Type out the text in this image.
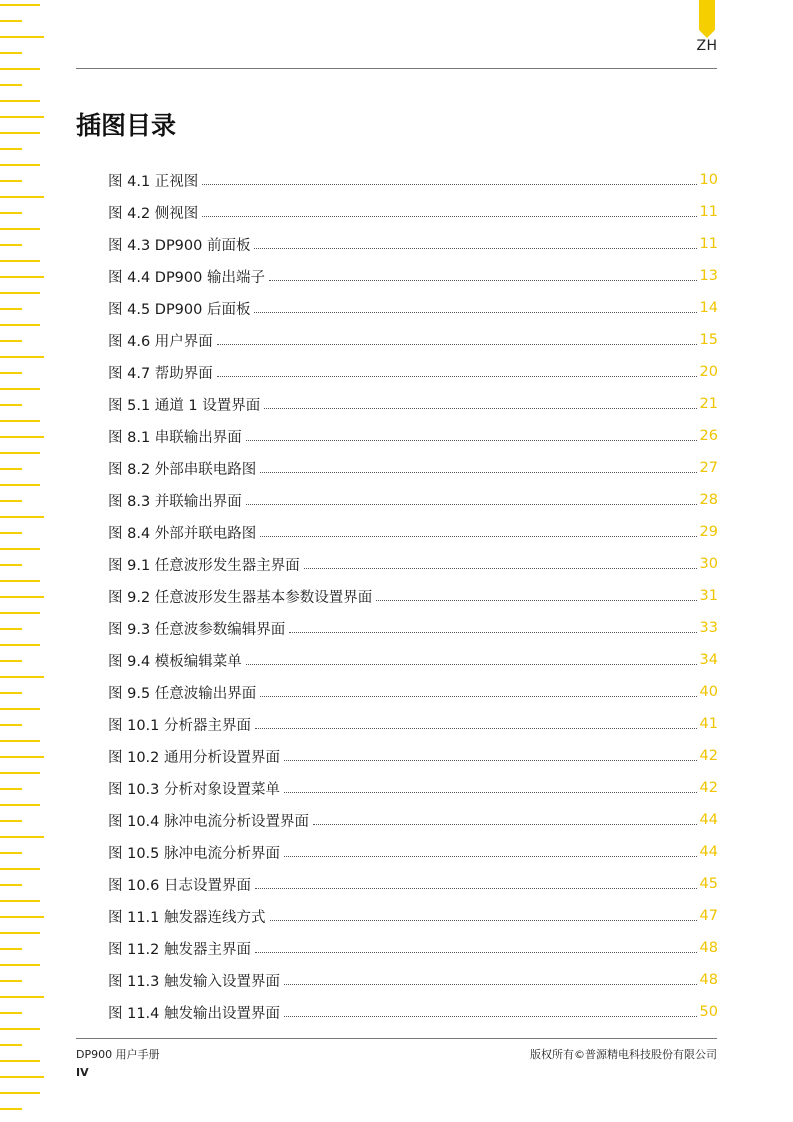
ZH
插图目录
图 4.1 正视图	10
图 4.2 侧视图	11
图 4.3 DP900 前面板	11
图 4.4 DP900 输出端子	13
图 4.5 DP900 后面板	14
图 4.6 用户界面	15
图 4.7 帮助界面	20
图 5.1 通道 1 设置界面	21
图 8.1 串联输出界面	26
图 8.2 外部串联电路图	27
图 8.3 并联输出界面	28
图 8.4 外部并联电路图	29
图 9.1 任意波形发生器主界面	30
图 9.2 任意波形发生器基本参数设置界面	31
图 9.3 任意波参数编辑界面	33
图 9.4 模板编辑菜单	34
图 9.5 任意波输出界面	40
图 10.1 分析器主界面	41
图 10.2 通用分析设置界面	42
图 10.3 分析对象设置菜单	42
图 10.4 脉冲电流分析设置界面	44
图 10.5 脉冲电流分析界面	44
图 10.6 日志设置界面	45
图 11.1 触发器连线方式	47
图 11.2 触发器主界面	48
图 11.3 触发输入设置界面	48
图 11.4 触发输出设置界面	50
DP900 用户手册	版权所有©普源精电科技股份有限公司
IV
